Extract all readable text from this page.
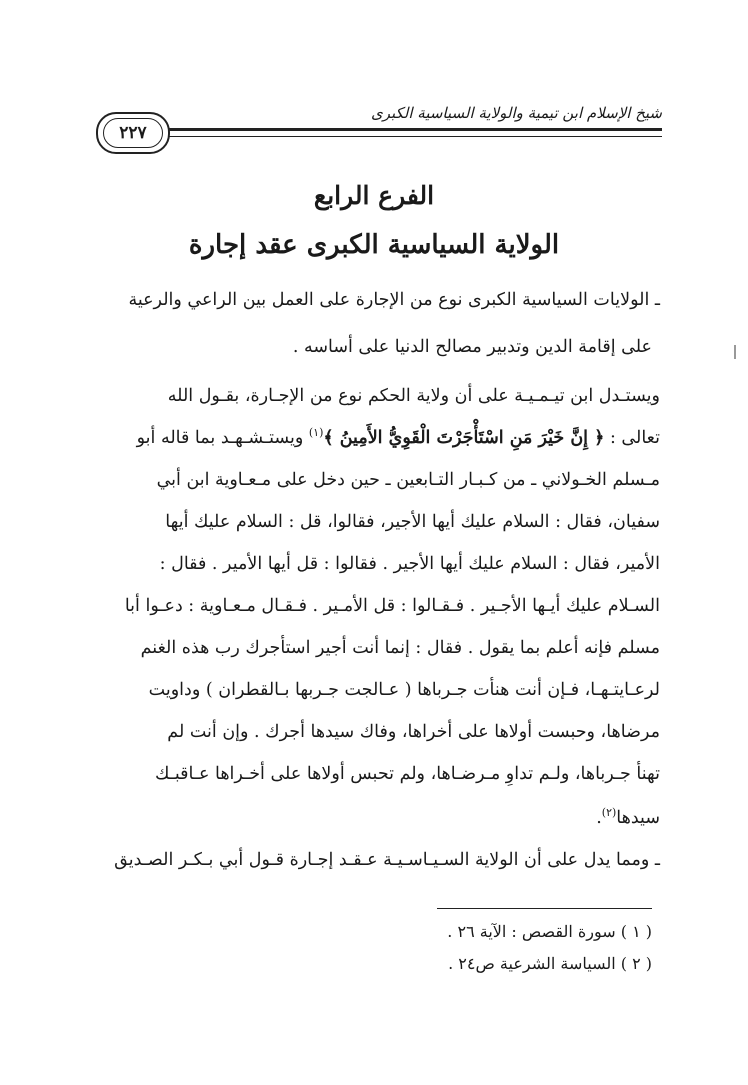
شيخ الإسلام ابن تيمية والولاية السياسية الكبرى
٢٢٧
الفرع الرابع
الولاية السياسية الكبرى عقد إجارة
ـ الولايات السياسية الكبرى نوع من الإجارة على العمل بين الراعي والرعية
على إقامة الدين وتدبير مصالح الدنيا على أساسه .
ويستـدل ابن تيـمـيـة على أن ولاية الحكم نوع من الإجـارة، بقـول الله
تعالى : ﴿ إِنَّ خَيْرَ مَنِ اسْتَأْجَرْتَ الْقَوِيُّ الأَمِينُ ﴾$^{(١)}$ ويستـشـهـد بما قاله أبو
مـسلم الخـولاني ـ من كـبـار التـابعين ـ حين دخل على مـعـاوية ابن أبي
سفيان، فقال : السلام عليك أيها الأجير، فقالوا، قل : السلام عليك أيها
الأمير، فقال : السلام عليك أيها الأجير . فقالوا : قل أيها الأمير . فقال :
السـلام عليك أيـها الأجـير . فـقـالوا : قل الأمـير . فـقـال مـعـاوية : دعـوا أبا
مسلم فإنه أعلم بما يقول . فقال : إنما أنت أجير استأجرك رب هذه الغنم
لرعـايتـهـا، فـإن أنت هنأت جـرباها ( عـالجت جـربها بـالقطران ) وداويت
مرضاها، وحبست أولاها على أخراها، وفاك سيدها أجرك . وإن أنت لم
تهنأ جـرباها، ولـم تداوِ مـرضـاها، ولم تحبس أولاها على أخـراها عـاقبـك
سيدها$^{(٢)}$.
ـ ومما يدل على أن الولاية السـيـاسـيـة عـقـد إجـارة قـول أبي بـكـر الصـديق
( ١ ) سورة القصص : الآية ٢٦ .
( ٢ ) السياسة الشرعية ص٢٤ .
